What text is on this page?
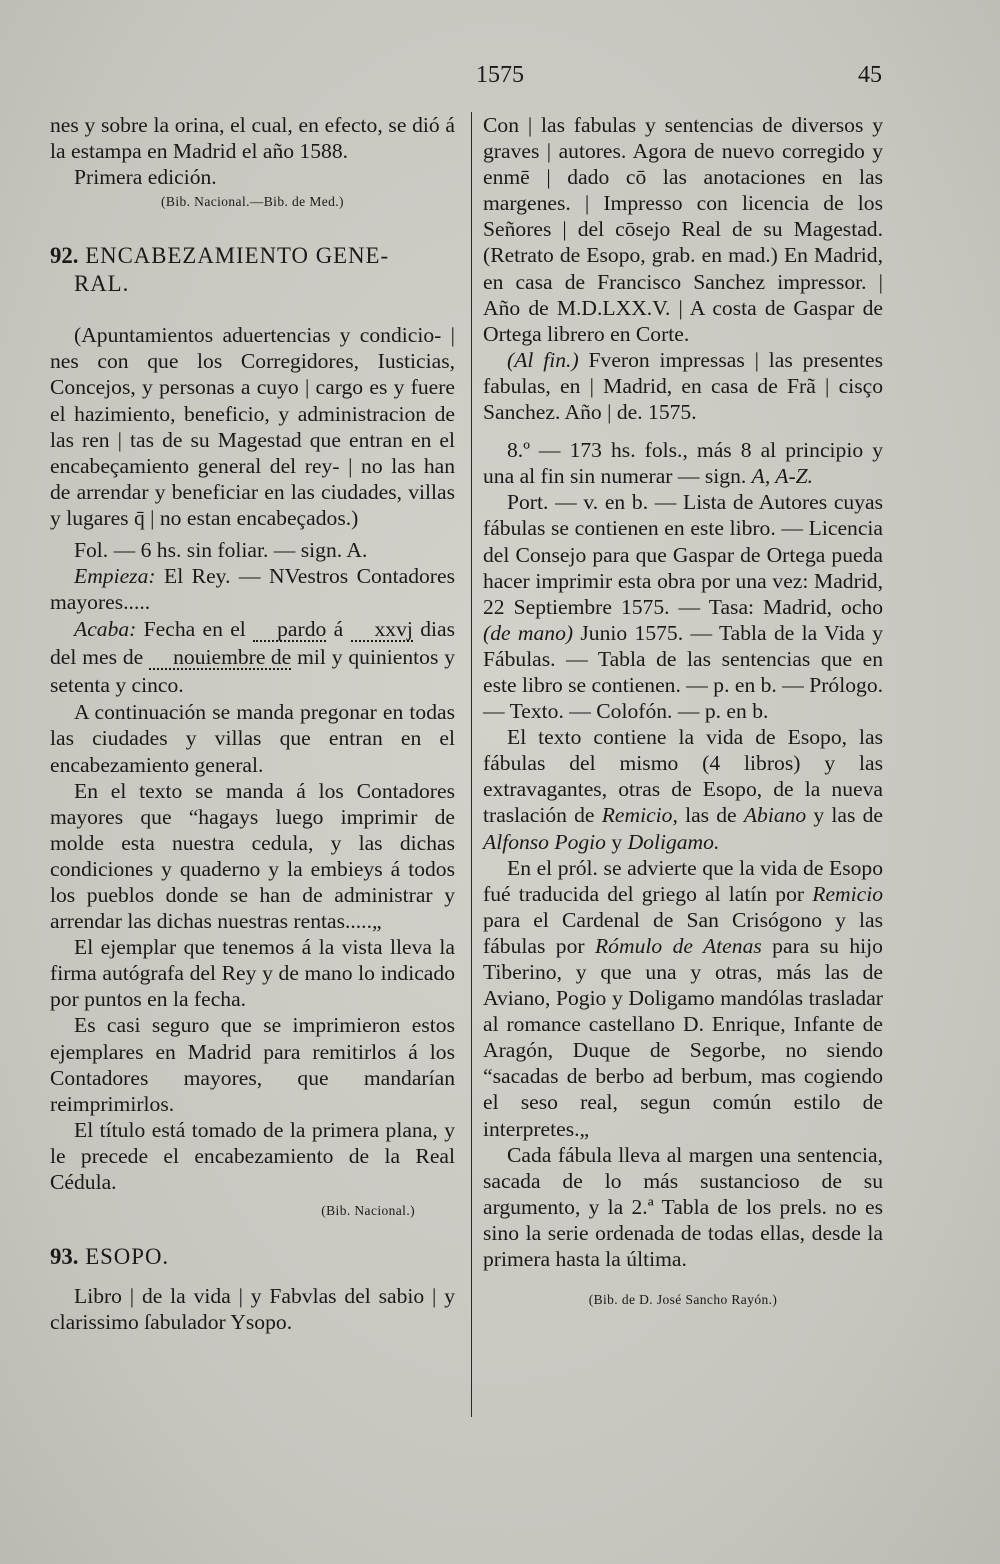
1575	45

nes y sobre la orina, el cual, en efecto, se dió á la estampa en Madrid el año 1588.

Primera edición.

(Bib. Nacional.—Bib. de Med.)

92. ENCABEZAMIENTO GENE-
RAL.

(Apuntamientos aduertencias y condicio- | nes con que los Corregidores, Iusticias, Concejos, y personas a cuyo | cargo es y fuere el hazimiento, beneficio, y administracion de las ren | tas de su Magestad que entran en el encabeçamiento general del rey- | no las han de arrendar y beneficiar en las ciudades, villas y lugares q̄ | no estan encabeçados.)

Fol. — 6 hs. sin foliar. — sign. A.

Empieza: El Rey. — NVestros Contadores mayores.....

Acaba: Fecha en el pardo á xxvj dias del mes de nouiembre de mil y quinientos y setenta y cinco.

A continuación se manda pregonar en todas las ciudades y villas que entran en el encabezamiento general.

En el texto se manda á los Contadores mayores que “hagays luego imprimir de molde esta nuestra cedula, y las dichas condiciones y quaderno y la embieys á todos los pueblos donde se han de administrar y arrendar las dichas nuestras rentas.....„

El ejemplar que tenemos á la vista lleva la firma autógrafa del Rey y de mano lo indicado por puntos en la fecha.

Es casi seguro que se imprimieron estos ejemplares en Madrid para remitirlos á los Contadores mayores, que mandarían reimprimirlos.

El título está tomado de la primera plana, y le precede el encabezamiento de la Real Cédula.

(Bib. Nacional.)

93. ESOPO.

Libro | de la vida | y Fabvlas del sabio | y clarissimo ſabulador Ysopo.

Con | las fabulas y sentencias de diversos y graves | autores. Agora de nuevo corregido y enmē | dado cō las anotaciones en las margenes. | Impresso con licencia de los Señores | del cōsejo Real de su Magestad. (Retrato de Esopo, grab. en mad.) En Madrid, en casa de Francisco Sanchez impressor. | Año de M.D.LXX.V. | A costa de Gaspar de Ortega librero en Corte.

(Al fin.) Fveron impressas | las presentes fabulas, en | Madrid, en casa de Frã | cisço Sanchez. Año | de. 1575.

8.º — 173 hs. fols., más 8 al principio y una al fin sin numerar — sign. A, A-Z.

Port. — v. en b. — Lista de Autores cuyas fábulas se contienen en este libro. — Licencia del Consejo para que Gaspar de Ortega pueda hacer imprimir esta obra por una vez: Madrid, 22 Septiembre 1575. — Tasa: Madrid, ocho (de mano) Junio 1575. — Tabla de la Vida y Fábulas. — Tabla de las sentencias que en este libro se contienen. — p. en b. — Prólogo. — Texto. — Colofón. — p. en b.

El texto contiene la vida de Esopo, las fábulas del mismo (4 libros) y las extravagantes, otras de Esopo, de la nueva traslación de Remicio, las de Abiano y las de Alfonso Pogio y Doligamo.

En el pról. se advierte que la vida de Esopo fué traducida del griego al latín por Remicio para el Cardenal de San Crisógono y las fábulas por Rómulo de Atenas para su hijo Tiberino, y que una y otras, más las de Aviano, Pogio y Doligamo mandólas trasladar al romance castellano D. Enrique, Infante de Aragón, Duque de Segorbe, no siendo “sacadas de berbo ad berbum, mas cogiendo el seso real, segun común estilo de interpretes.„

Cada fábula lleva al margen una sentencia, sacada de lo más sustancioso de su argumento, y la 2.ª Tabla de los prels. no es sino la serie ordenada de todas ellas, desde la primera hasta la última.

(Bib. de D. José Sancho Rayón.)
